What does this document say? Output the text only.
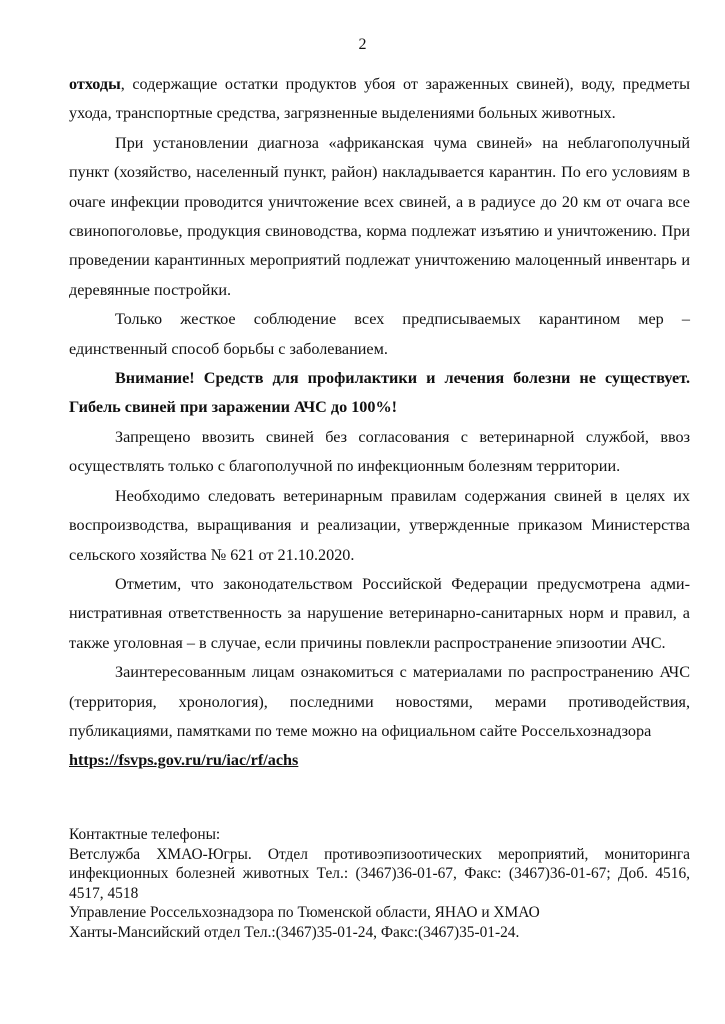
2

отходы, содержащие остатки продуктов убоя от зараженных свиней), воду, предметы ухода, транспортные средства, загрязненные выделениями больных животных.

При установлении диагноза «африканская чума свиней» на неблагополучный пункт (хозяйство, населенный пункт, район) накладывается карантин. По его условиям в очаге инфекции проводится уничтожение всех свиней, а в радиусе до 20 км от очага все свинопоголовье, продукция свиноводства, корма подлежат изъятию и уничтожению. При проведении карантинных мероприятий подлежат уничтожению малоценный инвентарь и деревянные постройки.

Только жесткое соблюдение всех предписываемых карантином мер – единственный способ борьбы с заболеванием.

Внимание! Средств для профилактики и лечения болезни не существует. Гибель свиней при заражении АЧС до 100%!

Запрещено ввозить свиней без согласования с ветеринарной службой, ввоз осуществлять только с благополучной по инфекционным болезням территории.

Необходимо следовать ветеринарным правилам содержания свиней в целях их воспроизводства, выращивания и реализации, утвержденные приказом Министерства сельского хозяйства № 621 от 21.10.2020.

Отметим, что законодательством Российской Федерации предусмотрена административная ответственность за нарушение ветеринарно-санитарных норм и правил, а также уголовная – в случае, если причины повлекли распространение эпизоотии АЧС.

Заинтересованным лицам ознакомиться с материалами по распространению АЧС (территория, хронология), последними новостями, мерами противодействия, публикациями, памятками по теме можно на официальном сайте Россельхознадзора

https://fsvps.gov.ru/ru/iac/rf/achs

Контактные телефоны:

Ветслужба ХМАО-Югры. Отдел противоэпизоотических мероприятий, мониторинга инфекционных болезней животных Тел.: (3467)36-01-67, Факс: (3467)36-01-67; Доб. 4516, 4517, 4518

Управление Россельхознадзора по Тюменской области, ЯНАО и ХМАО

Ханты-Мансийский отдел Тел.:(3467)35-01-24, Факс:(3467)35-01-24.
